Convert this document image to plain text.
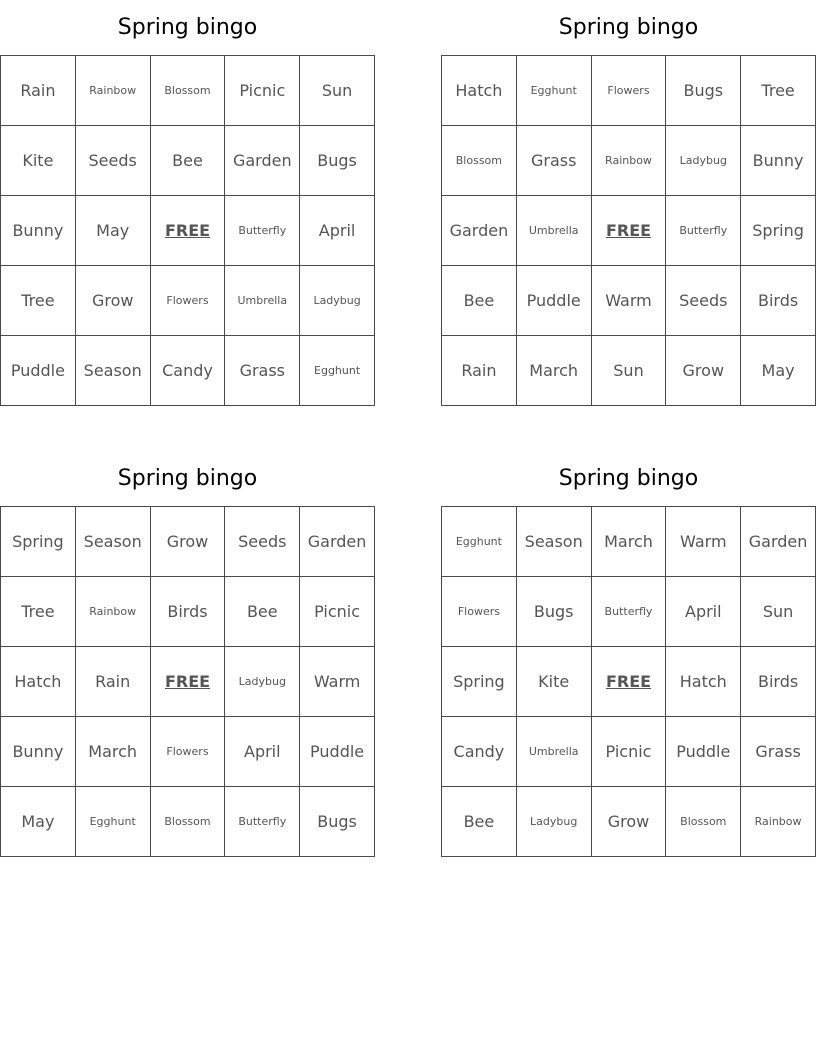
Spring bingo
Rain	Rainbow	Blossom	Picnic	Sun
Kite	Seeds	Bee	Garden	Bugs
Bunny	May	FREE	Butterfly	April
Tree	Grow	Flowers	Umbrella	Ladybug
Puddle	Season	Candy	Grass	Egghunt
Spring bingo
Hatch	Egghunt	Flowers	Bugs	Tree
Blossom	Grass	Rainbow	Ladybug	Bunny
Garden	Umbrella	FREE	Butterfly	Spring
Bee	Puddle	Warm	Seeds	Birds
Rain	March	Sun	Grow	May
Spring bingo
Spring	Season	Grow	Seeds	Garden
Tree	Rainbow	Birds	Bee	Picnic
Hatch	Rain	FREE	Ladybug	Warm
Bunny	March	Flowers	April	Puddle
May	Egghunt	Blossom	Butterfly	Bugs
Spring bingo
Egghunt	Season	March	Warm	Garden
Flowers	Bugs	Butterfly	April	Sun
Spring	Kite	FREE	Hatch	Birds
Candy	Umbrella	Picnic	Puddle	Grass
Bee	Ladybug	Grow	Blossom	Rainbow
